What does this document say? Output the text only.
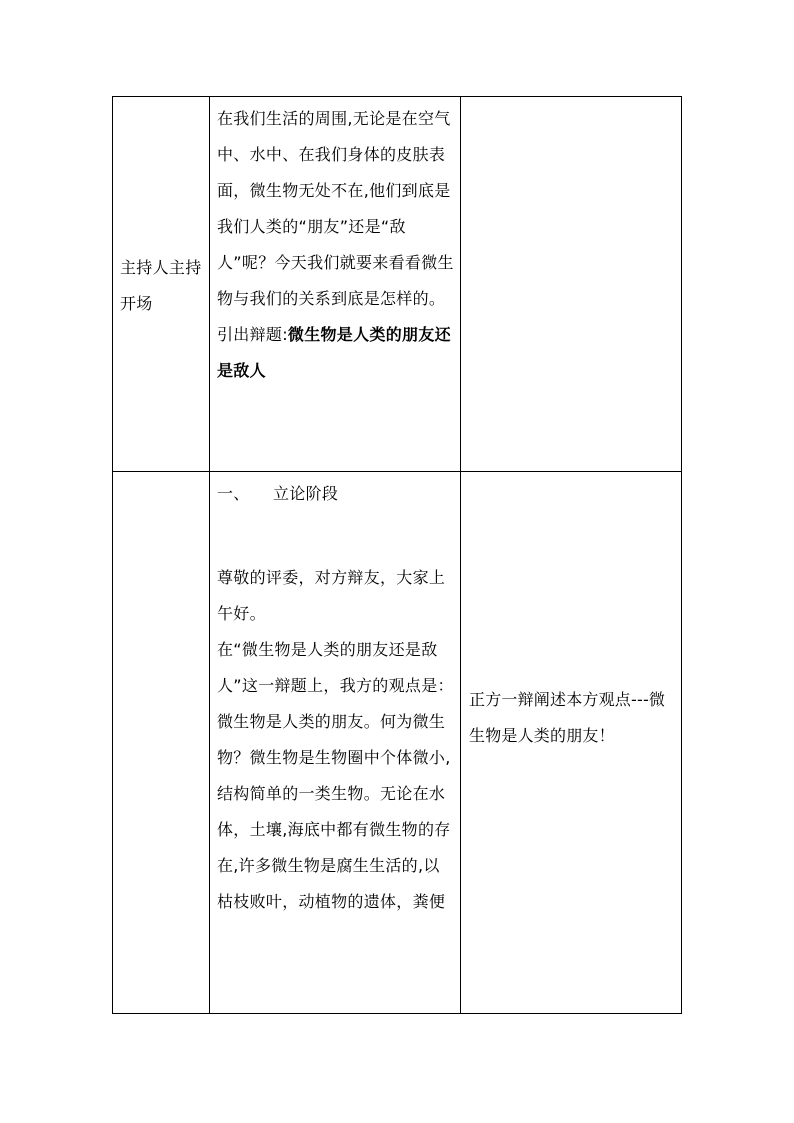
主持人主持开场	在我们生活的周围,无论是在空气中、水中、在我们身体的皮肤表面，微生物无处不在,他们到底是我们人类的“朋友”还是“敌人”呢？今天我们就要来看看微生物与我们的关系到底是怎样的。引出辩题:微生物是人类的朋友还是敌人	

	一、 立论阶段
尊敬的评委，对方辩友，大家上午好。
在“微生物是人类的朋友还是敌人”这一辩题上，我方的观点是：微生物是人类的朋友。何为微生物？微生物是生物圈中个体微小,结构简单的一类生物。无论在水体，土壤,海底中都有微生物的存在,许多微生物是腐生生活的,以枯枝败叶，动植物的遗体，粪便	正方一辩阐述本方观点---微生物是人类的朋友！
